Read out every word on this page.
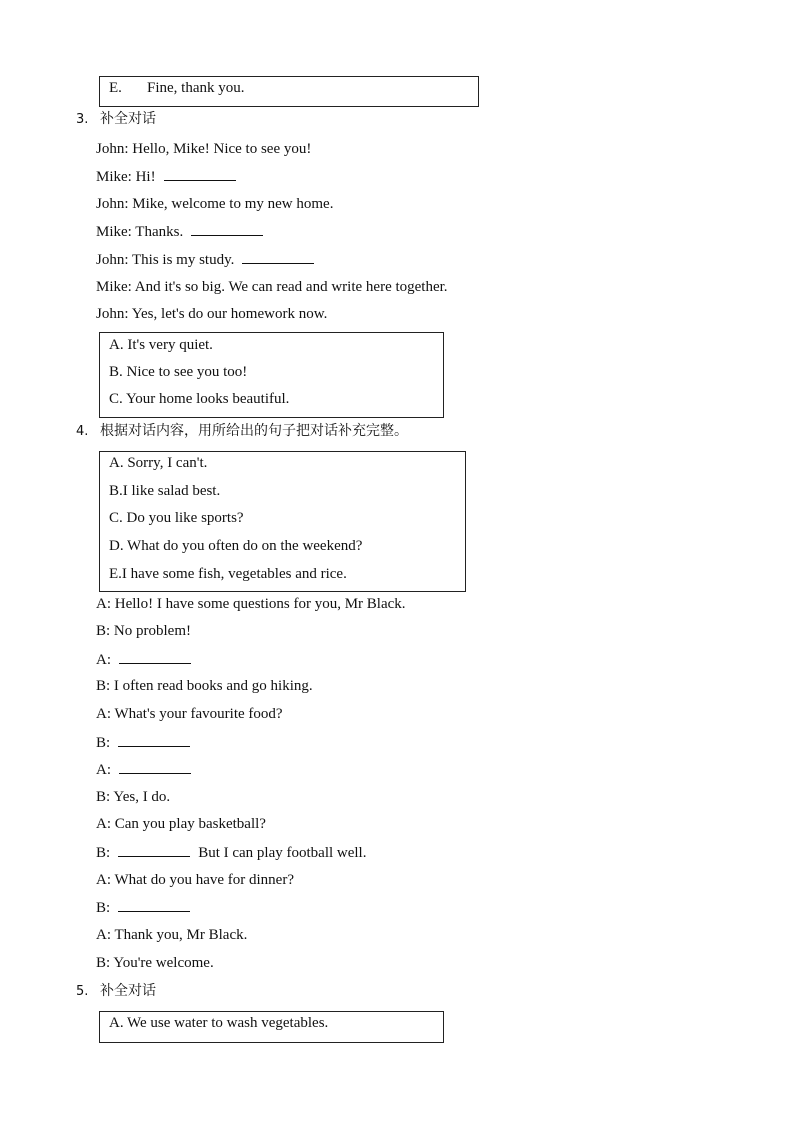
E. Fine, thank you.
3. 补全对话
John: Hello, Mike! Nice to see you!
Mike: Hi!
John: Mike, welcome to my new home.
Mike: Thanks.
John: This is my study.
Mike: And it's so big. We can read and write here together.
John: Yes, let's do our homework now.
A. It's very quiet.
B. Nice to see you too!
C. Your home looks beautiful.
4. 根据对话内容，用所给出的句子把对话补充完整。
A. Sorry, I can't.
B.I like salad best.
C. Do you like sports?
D. What do you often do on the weekend?
E.I have some fish, vegetables and rice.
A: Hello! I have some questions for you, Mr Black.
B: No problem!
A:
B: I often read books and go hiking.
A: What's your favourite food?
B:
A:
B: Yes, I do.
A: Can you play basketball?
B:	But I can play football well.
A: What do you have for dinner?
B:
A: Thank you, Mr Black.
B: You're welcome.
5. 补全对话
A. We use water to wash vegetables.
